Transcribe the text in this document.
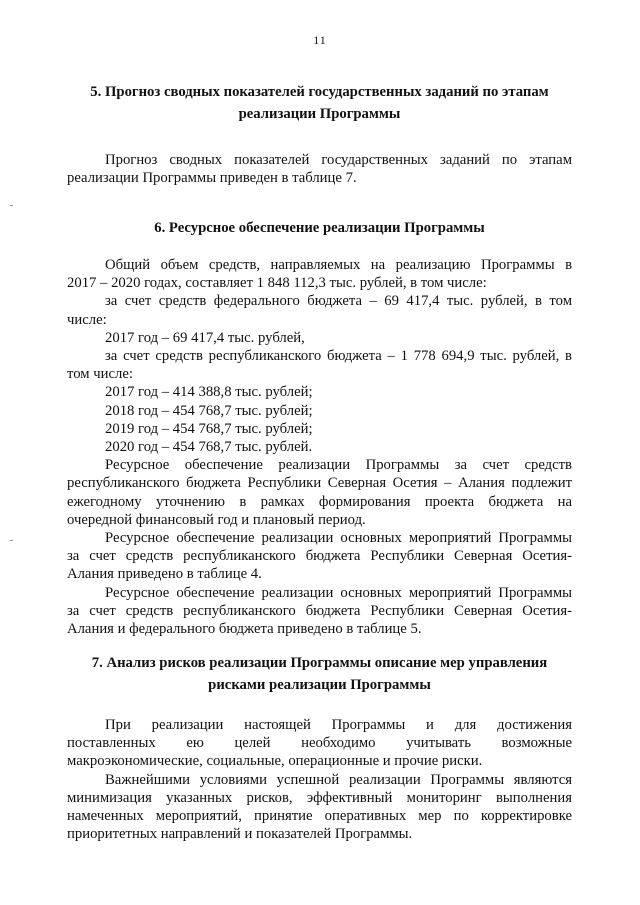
11
5. Прогноз сводных показателей государственных заданий по этапам
реализации Программы
Прогноз сводных показателей государственных заданий по этапам
реализации Программы приведен в таблице 7.
6. Ресурсное обеспечение реализации Программы
Общий объем средств, направляемых на реализацию Программы в
2017 – 2020 годах, составляет 1 848 112,3 тыс. рублей, в том числе:
за счет средств федерального бюджета – 69 417,4 тыс. рублей, в том
числе:
2017 год – 69 417,4 тыс. рублей,
за счет средств республиканского бюджета – 1 778 694,9 тыс. рублей, в
том числе:
2017 год – 414 388,8 тыс. рублей;
2018 год – 454 768,7 тыс. рублей;
2019 год – 454 768,7 тыс. рублей;
2020 год – 454 768,7 тыс. рублей.
Ресурсное обеспечение реализации Программы за счет средств
республиканского бюджета Республики Северная Осетия – Алания подлежит
ежегодному уточнению в рамках формирования проекта бюджета на
очередной финансовый год и плановый период.
Ресурсное обеспечение реализации основных мероприятий Программы
за счет средств республиканского бюджета Республики Северная Осетия-
Алания приведено в таблице 4.
Ресурсное обеспечение реализации основных мероприятий Программы
за счет средств республиканского бюджета Республики Северная Осетия-
Алания и федерального бюджета приведено в таблице 5.
7. Анализ рисков реализации Программы описание мер управления
рисками реализации Программы
При реализации настоящей Программы и для достижения
поставленных ею целей необходимо учитывать возможные
макроэкономические, социальные, операционные и прочие риски.
Важнейшими условиями успешной реализации Программы являются
минимизация указанных рисков, эффективный мониторинг выполнения
намеченных мероприятий, принятие оперативных мер по корректировке
приоритетных направлений и показателей Программы.
